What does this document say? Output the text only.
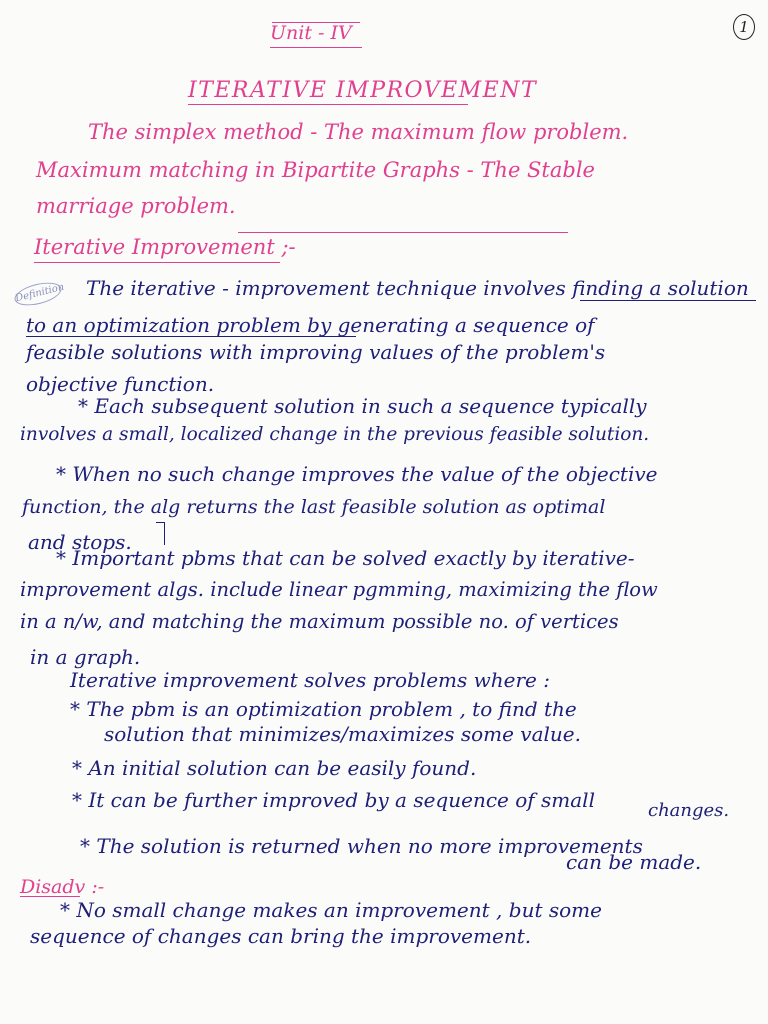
1
Unit - IV
ITERATIVE IMPROVEMENT
The simplex method - The maximum flow problem.
Maximum matching in Bipartite Graphs - The Stable
marriage problem.
Iterative Improvement ;-
Definition The iterative - improvement technique involves finding a solution
to an optimization problem by generating a sequence of
feasible solutions with improving values of the problem's
objective function.
* Each subsequent solution in such a sequence typically
involves a small, localized change in the previous feasible solution.
* When no such change improves the value of the objective
function, the alg returns the last feasible solution as optimal
and stops.
* Important pbms that can be solved exactly by iterative-
improvement algs. include linear pgmming, maximizing the flow
in a n/w, and matching the maximum possible no. of vertices
in a graph.
Iterative improvement solves problems where :
* The pbm is an optimization problem , to find the
solution that minimizes/maximizes some value.
* An initial solution can be easily found.
* It can be further improved by a sequence of small	changes.
* The solution is returned when no more improvements
can be made.
Disadv :-
* No small change makes an improvement , but some
sequence of changes can bring the improvement.
